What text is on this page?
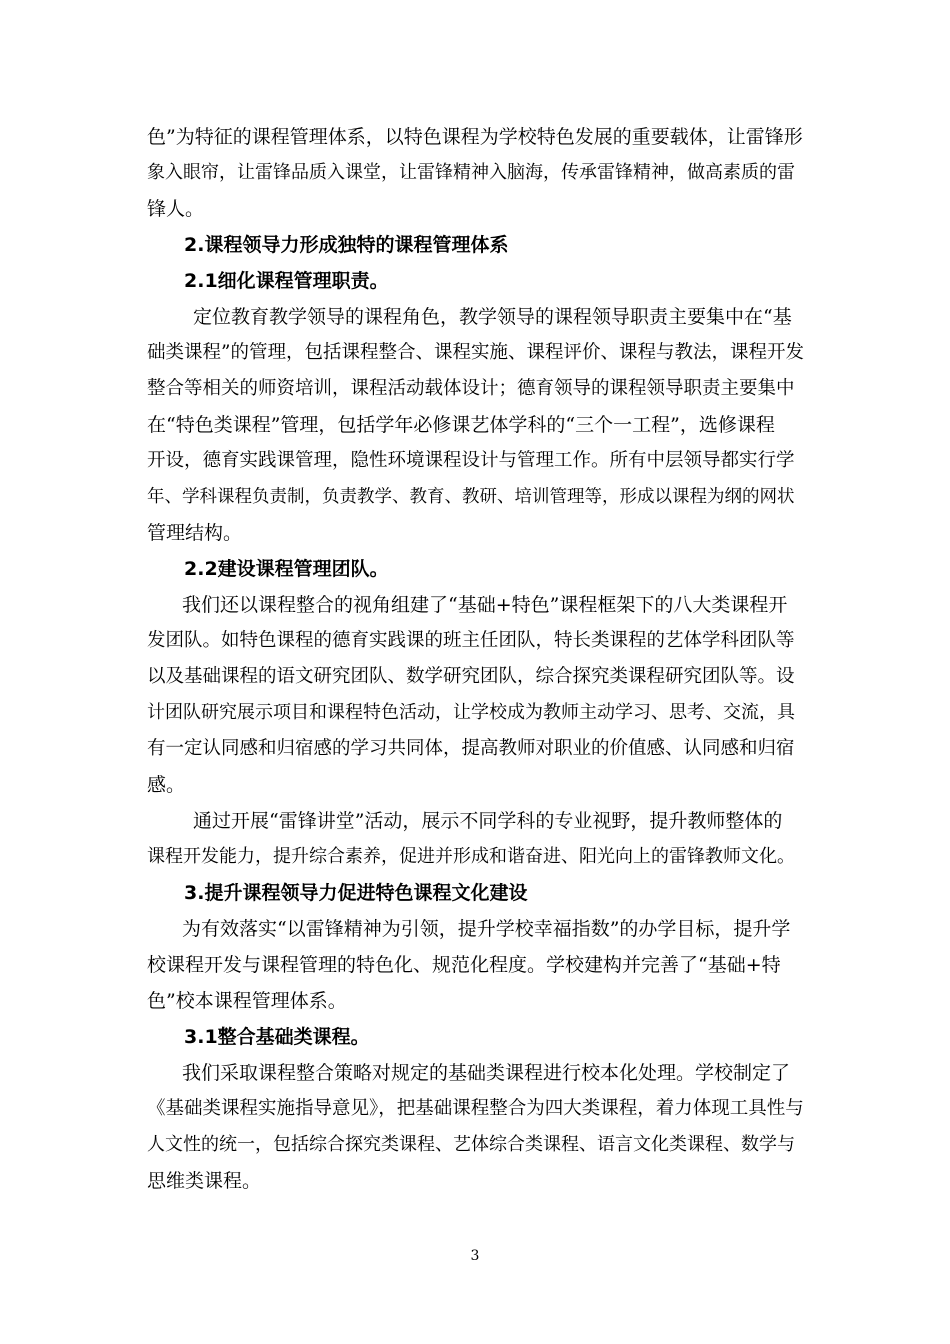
色”为特征的课程管理体系，以特色课程为学校特色发展的重要载体，让雷锋形
象入眼帘，让雷锋品质入课堂，让雷锋精神入脑海，传承雷锋精神，做高素质的雷
锋人。
2.课程领导力形成独特的课程管理体系
2.1细化课程管理职责。
定位教育教学领导的课程角色，教学领导的课程领导职责主要集中在“基
础类课程”的管理，包括课程整合、课程实施、课程评价、课程与教法，课程开发
整合等相关的师资培训，课程活动载体设计；德育领导的课程领导职责主要集中
在“特色类课程”管理，包括学年必修课艺体学科的“三个一工程”，选修课程
开设，德育实践课管理，隐性环境课程设计与管理工作。所有中层领导都实行学
年、学科课程负责制，负责教学、教育、教研、培训管理等，形成以课程为纲的网状
管理结构。
2.2建设课程管理团队。
我们还以课程整合的视角组建了“基础+特色”课程框架下的八大类课程开
发团队。如特色课程的德育实践课的班主任团队，特长类课程的艺体学科团队等
以及基础课程的语文研究团队、数学研究团队，综合探究类课程研究团队等。设
计团队研究展示项目和课程特色活动，让学校成为教师主动学习、思考、交流，具
有一定认同感和归宿感的学习共同体，提高教师对职业的价值感、认同感和归宿
感。
通过开展“雷锋讲堂”活动，展示不同学科的专业视野，提升教师整体的
课程开发能力，提升综合素养，促进并形成和谐奋进、阳光向上的雷锋教师文化。
3.提升课程领导力促进特色课程文化建设
为有效落实“以雷锋精神为引领，提升学校幸福指数”的办学目标，提升学
校课程开发与课程管理的特色化、规范化程度。学校建构并完善了“基础+特
色”校本课程管理体系。
3.1整合基础类课程。
我们采取课程整合策略对规定的基础类课程进行校本化处理。学校制定了
《基础类课程实施指导意见》，把基础课程整合为四大类课程，着力体现工具性与
人文性的统一，包括综合探究类课程、艺体综合类课程、语言文化类课程、数学与
思维类课程。
3
